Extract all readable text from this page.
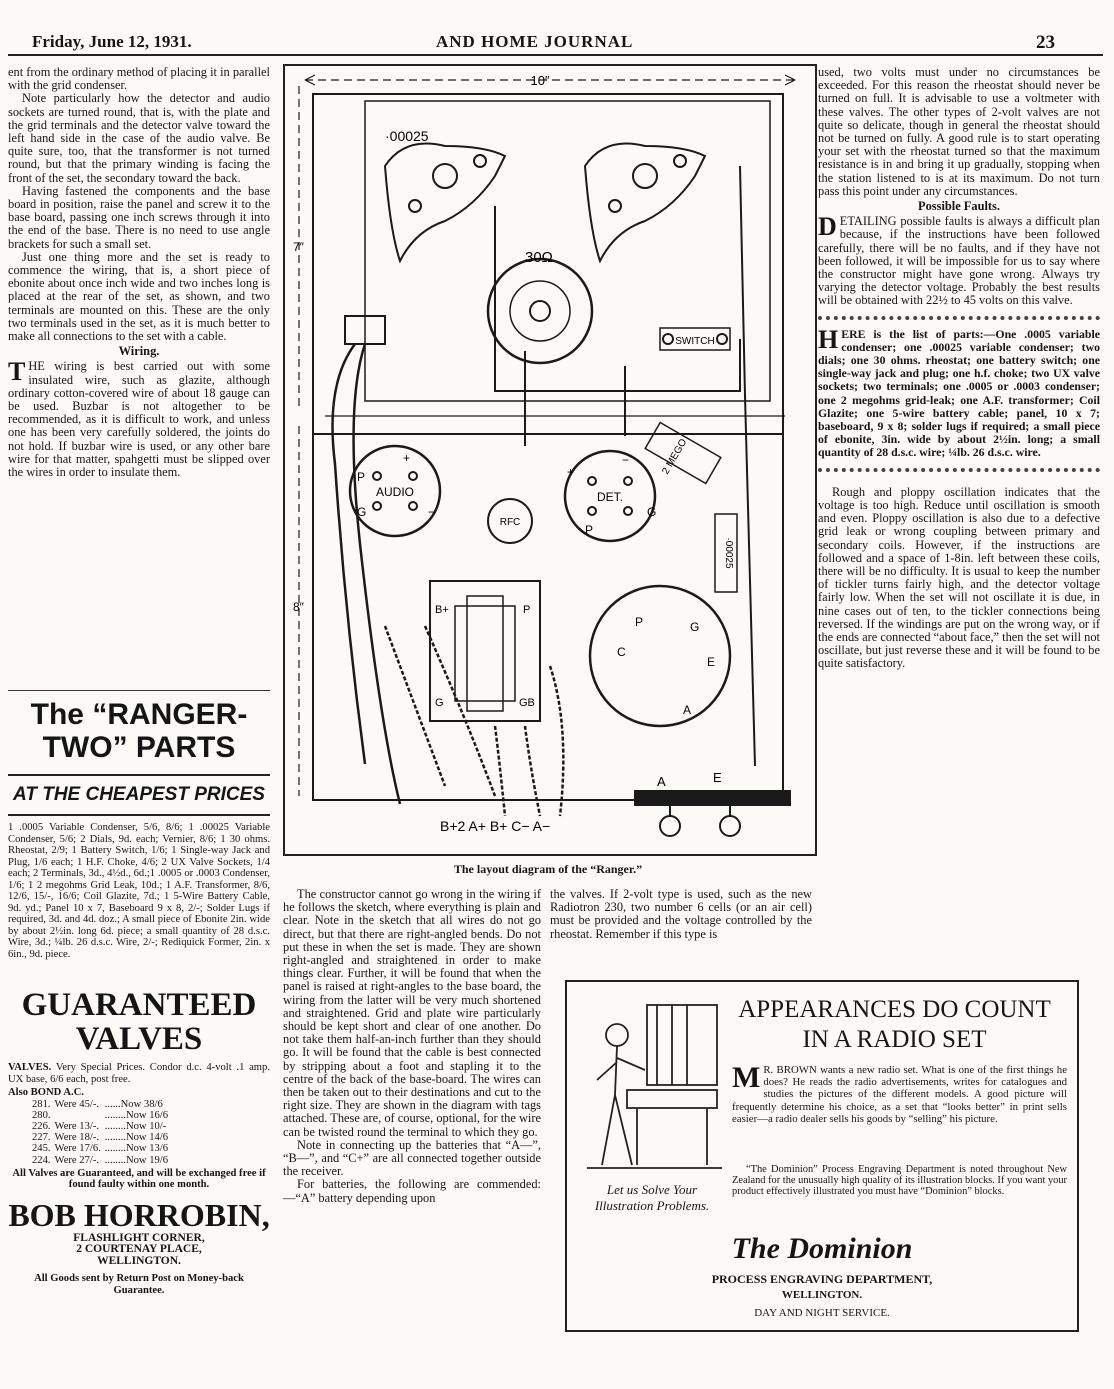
Friday, June 12, 1931.	AND HOME JOURNAL	23

ent from the ordinary method of placing it in parallel with the grid condenser.

Note particularly how the detector and audio sockets are turned round, that is, with the plate and the grid terminals and the detector valve toward the left hand side in the case of the audio valve. Be quite sure, too, that the transformer is not turned round, but that the primary winding is facing the front of the set, the secondary toward the back.

Having fastened the components and the base board in position, raise the panel and screw it to the base board, passing one inch screws through it into the end of the base. There is no need to use angle brackets for such a small set.

Just one thing more and the set is ready to commence the wiring, that is, a short piece of ebonite about once inch wide and two inches long is placed at the rear of the set, as shown, and two terminals are mounted on this. These are the only two terminals used in the set, as it is much better to make all connections to the set with a cable.

Wiring.

THE wiring is best carried out with some insulated wire, such as glazite, although ordinary cotton-covered wire of about 18 gauge can be used. Buzbar is not altogether to be recommended, as it is difficult to work, and unless one has been very carefully soldered, the joints do not hold. If buzbar wire is used, or any other bare wire for that matter, spahgetti must be slipped over the wires in order to insulate them.

The “RANGER-
TWO” PARTS
AT THE CHEAPEST PRICES
1 .0005 Variable Condenser, 5/6, 8/6; 1 .00025 Variable Condenser, 5/6; 2 Dials, 9d. each; Vernier, 8/6; 1 30 ohms. Rheostat, 2/9; 1 Battery Switch, 1/6; 1 Single-way Jack and Plug, 1/6 each; 1 H.F. Choke, 4/6; 2 UX Valve Sockets, 1/4 each; 2 Terminals, 3d., 4½d., 6d.;1 .0005 or .0003 Condenser, 1/6; 1 2 megohms Grid Leak, 10d.; 1 A.F. Transformer, 8/6, 12/6, 15/-, 16/6; Coil Glazite, 7d.; 1 5-Wire Battery Cable, 9d. yd.; Panel 10 x 7, Baseboard 9 x 8, 2/-; Solder Lugs if required, 3d. and 4d. doz.; A small piece of Ebonite 2in. wide by about 2½in. long 6d. piece; a small quantity of 28 d.s.c. Wire, 3d.; ¼lb. 26 d.s.c. Wire, 2/-; Rediquick Former, 2in. x 6in., 9d. piece.
GUARANTEED
VALVES
VALVES. Very Special Prices. Condor d.c. 4-volt .1 amp. UX base, 6/6 each, post free.
Also BOND A.C.
281.	Were 45/-.	......Now 38/6
280.		........Now 16/6
226.	Were 13/-.	........Now 10/-
227.	Were 18/-.	........Now 14/6
245.	Were 17/6.	........Now 13/6
224.	Were 27/-.	........Now 19/6
All Valves are Guaranteed, and will be exchanged free if found faulty within one month.
BOB HORROBIN,
FLASHLIGHT CORNER,
2 COURTENAY PLACE,
WELLINGTON.
All Goods sent by Return Post on Money-back Guarantee.
10″
7″
8″
·00025
30Ω
SWITCH
AUDIO	DET.
RFC
2 MEGO
·00025
P
G
+
−
+
−
P
G
B+	P
G	GB
P	G
C
E
A
A	E
B+2 A+ B+ C− A−
The layout diagram of the “Ranger.”

The constructor cannot go wrong in the wiring if he follows the sketch, where everything is plain and clear. Note in the sketch that all wires do not go direct, but that there are right-angled bends. Do not put these in when the set is made. They are shown right-angled and straightened in order to make things clear. Further, it will be found that when the panel is raised at right-angles to the base board, the wiring from the latter will be very much shortened and straightened. Grid and plate wire particularly should be kept short and clear of one another. Do not take them half-an-inch further than they should go. It will be found that the cable is best connected by stripping about a foot and stapling it to the centre of the back of the base-board. The wires can then be taken out to their destinations and cut to the right size. They are shown in the diagram with tags attached. These are, of course, optional, for the wire can be twisted round the terminal to which they go.

Note in connecting up the batteries that “A—”, “B—”, and “C+” are all connected together outside the receiver.

For batteries, the following are commended:—“A” battery depending upon

the valves. If 2-volt type is used, such as the new Radiotron 230, two number 6 cells (or an air cell) must be provided and the voltage controlled by the rheostat. Remember if this type is

used, two volts must under no circumstances be exceeded. For this reason the rheostat should never be turned on full. It is advisable to use a voltmeter with these valves. The other types of 2-volt valves are not quite so delicate, though in general the rheostat should not be turned on fully. A good rule is to start operating your set with the rheostat turned so that the maximum resistance is in and bring it up gradually, stopping when the station listened to is at its maximum. Do not turn pass this point under any circumstances.

Possible Faults.

DETAILING possible faults is always a difficult plan because, if the instructions have been followed carefully, there will be no faults, and if they have not been followed, it will be impossible for us to say where the constructor might have gone wrong. Always try varying the detector voltage. Probably the best results will be obtained with 22½ to 45 volts on this valve.

HERE is the list of parts:—One .0005 variable condenser; one .00025 variable condenser; two dials; one 30 ohms. rheostat; one battery switch; one single-way jack and plug; one h.f. choke; two UX valve sockets; two terminals; one .0005 or .0003 condenser; one 2 megohms grid-leak; one A.F. transformer; Coil Glazite; one 5-wire battery cable; panel, 10 x 7; baseboard, 9 x 8; solder lugs if required; a small piece of ebonite, 3in. wide by about 2½in. long; a small quantity of 28 d.s.c. wire; ¼lb. 26 d.s.c. wire.

Rough and ploppy oscillation indicates that the voltage is too high. Reduce until oscillation is smooth and even. Ploppy oscillation is also due to a defective grid leak or wrong coupling between primary and secondary coils. However, if the instructions are followed and a space of 1-8in. left between these coils, there will be no difficulty. It is usual to keep the number of tickler turns fairly high, and the detector voltage fairly low. When the set will not oscillate it is due, in nine cases out of ten, to the tickler connections being reversed. If the windings are put on the wrong way, or if the ends are connected “about face,” then the set will not oscillate, but just reverse these and it will be found to be quite satisfactory.

APPEARANCES DO COUNT
IN A RADIO SET
M R. BROWN wants a new radio set. What is one of the first things he does? He reads the radio advertisements, writes for catalogues and studies the pictures of the different models. A good picture will frequently determine his choice, as a set that “looks better” in print sells easier—a radio dealer sells his goods by “selling” his picture.
Let us Solve Your Illustration Problems.
“The Dominion” Process Engraving Department is noted throughout New Zealand for the unusually high quality of its illustration blocks. If you want your product effectively illustrated you must have “Dominion” blocks.
The Dominion
PROCESS ENGRAVING DEPARTMENT,
WELLINGTON.
DAY AND NIGHT SERVICE.
